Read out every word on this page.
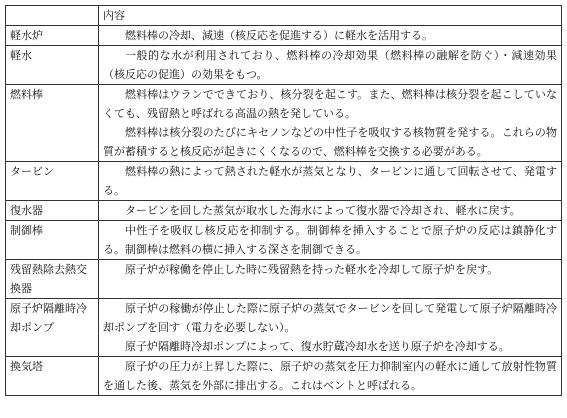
	内容
軽水炉	燃料棒の冷却、減速（核反応を促進する）に軽水を活用する。

軽水	一般的な水が利用されており、燃料棒の冷却効果（燃料棒の融解を防ぐ）・減速効果（核反応の促進）の効果をもつ。

燃料棒	燃料棒はウランでできており、核分裂を起こす。また、燃料棒は核分裂を起こしていなくても、残留熱と呼ばれる高温の熱を発している。
燃料棒は核分裂のたびにキセノンなどの中性子を吸収する核物質を発する。これらの物質が蓄積すると核反応が起きにくくなるので、燃料棒を交換する必要がある。

タービン	燃料棒の熱によって熱された軽水が蒸気となり、タービンに通して回転させて、発電する。

復水器	タービンを回した蒸気が取水した海水によって復水器で冷却され、軽水に戻す。

制御棒	中性子を吸収し核反応を抑制する。制御棒を挿入することで原子炉の反応は鎮静化する。制御棒は燃料の横に挿入する深さを制御できる。

残留熱除去熱交換器	原子炉が稼働を停止した時に残留熱を持った軽水を冷却して原子炉を戻す。

原子炉隔離時冷却ポンプ	原子炉の稼働が停止した際に原子炉の蒸気でタービンを回して発電して原子炉隔離時冷却ポンプを回す（電力を必要しない）。
原子炉隔離時冷却ポンプによって、復水貯蔵冷却水を送り原子炉を冷却する。

換気塔	原子炉の圧力が上昇した際に、原子炉の蒸気を圧力抑制室内の軽水に通して放射性物質を通した後、蒸気を外部に排出する。これはベントと呼ばれる。
